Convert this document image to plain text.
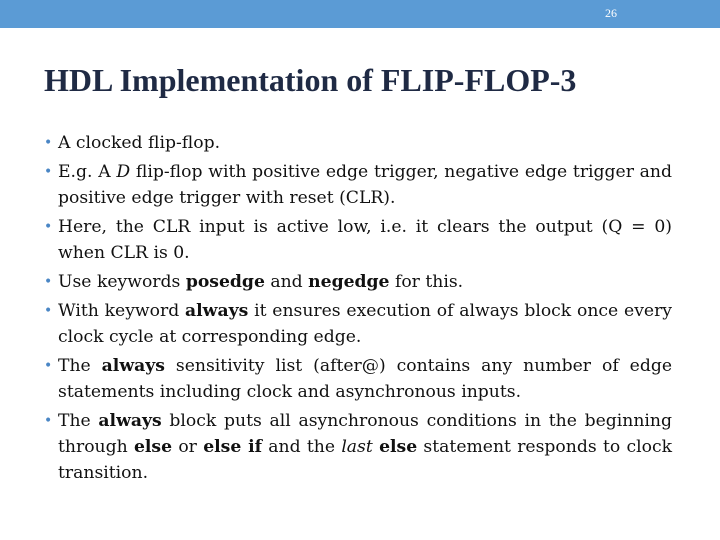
26
HDL Implementation of FLIP-FLOP-3
• A clocked flip-flop.
• E.g. A D flip-flop with positive edge trigger, negative edge trigger and positive edge trigger with reset (CLR).
• Here, the CLR input is active low, i.e. it clears the output (Q = 0) when CLR is 0.
• Use keywords posedge and negedge for this.
• With keyword always it ensures execution of always block once every clock cycle at corresponding edge.
• The always sensitivity list (after@) contains any number of edge statements including clock and asynchronous inputs.
• The always block puts all asynchronous conditions in the beginning through else or else if and the last else statement responds to clock transition.
